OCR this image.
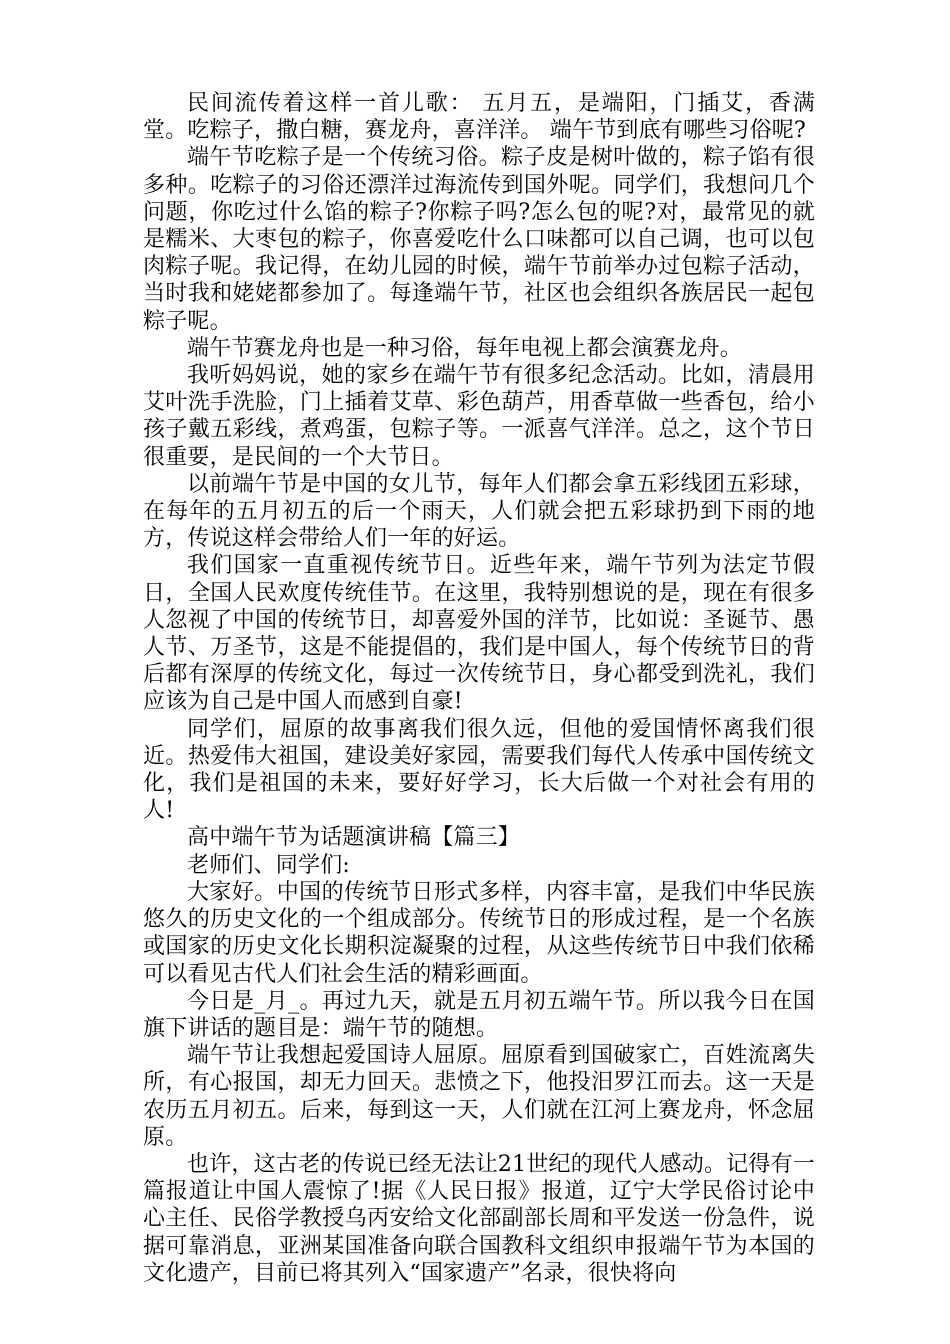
民间流传着这样一首儿歌： 五月五，是端阳，门插艾，香满堂。吃粽子，撒白糖，赛龙舟，喜洋洋。 端午节到底有哪些习俗呢?

端午节吃粽子是一个传统习俗。粽子皮是树叶做的，粽子馅有很多种。吃粽子的习俗还漂洋过海流传到国外呢。同学们，我想问几个问题，你吃过什么馅的粽子?你粽子吗?怎么包的呢?对，最常见的就是糯米、大枣包的粽子，你喜爱吃什么口味都可以自己调，也可以包肉粽子呢。我记得，在幼儿园的时候，端午节前举办过包粽子活动，当时我和姥姥都参加了。每逢端午节，社区也会组织各族居民一起包粽子呢。

端午节赛龙舟也是一种习俗，每年电视上都会演赛龙舟。

我听妈妈说，她的家乡在端午节有很多纪念活动。比如，清晨用艾叶洗手洗脸，门上插着艾草、彩色葫芦，用香草做一些香包，给小孩子戴五彩线，煮鸡蛋，包粽子等。一派喜气洋洋。总之，这个节日很重要，是民间的一个大节日。

以前端午节是中国的女儿节，每年人们都会拿五彩线团五彩球，在每年的五月初五的后一个雨天，人们就会把五彩球扔到下雨的地方，传说这样会带给人们一年的好运。

我们国家一直重视传统节日。近些年来，端午节列为法定节假日，全国人民欢度传统佳节。在这里，我特别想说的是，现在有很多人忽视了中国的传统节日，却喜爱外国的洋节，比如说：圣诞节、愚人节、万圣节，这是不能提倡的，我们是中国人，每个传统节日的背后都有深厚的传统文化，每过一次传统节日，身心都受到洗礼，我们应该为自己是中国人而感到自豪!

同学们，屈原的故事离我们很久远，但他的爱国情怀离我们很近。热爱伟大祖国，建设美好家园，需要我们每代人传承中国传统文化，我们是祖国的未来，要好好学习，长大后做一个对社会有用的人!

高中端午节为话题演讲稿【篇三】

老师们、同学们:

大家好。中国的传统节日形式多样，内容丰富，是我们中华民族悠久的历史文化的一个组成部分。传统节日的形成过程，是一个名族或国家的历史文化长期积淀凝聚的过程，从这些传统节日中我们依稀可以看见古代人们社会生活的精彩画面。

今日是_月_。再过九天，就是五月初五端午节。所以我今日在国旗下讲话的题目是：端午节的随想。

端午节让我想起爱国诗人屈原。屈原看到国破家亡，百姓流离失所，有心报国，却无力回天。悲愤之下，他投汨罗江而去。这一天是农历五月初五。后来，每到这一天，人们就在江河上赛龙舟，怀念屈原。

也许，这古老的传说已经无法让21世纪的现代人感动。记得有一篇报道让中国人震惊了!据《人民日报》报道，辽宁大学民俗讨论中心主任、民俗学教授乌丙安给文化部副部长周和平发送一份急件，说据可靠消息，亚洲某国准备向联合国教科文组织申报端午节为本国的文化遗产，目前已将其列入“国家遗产”名录，很快将向
